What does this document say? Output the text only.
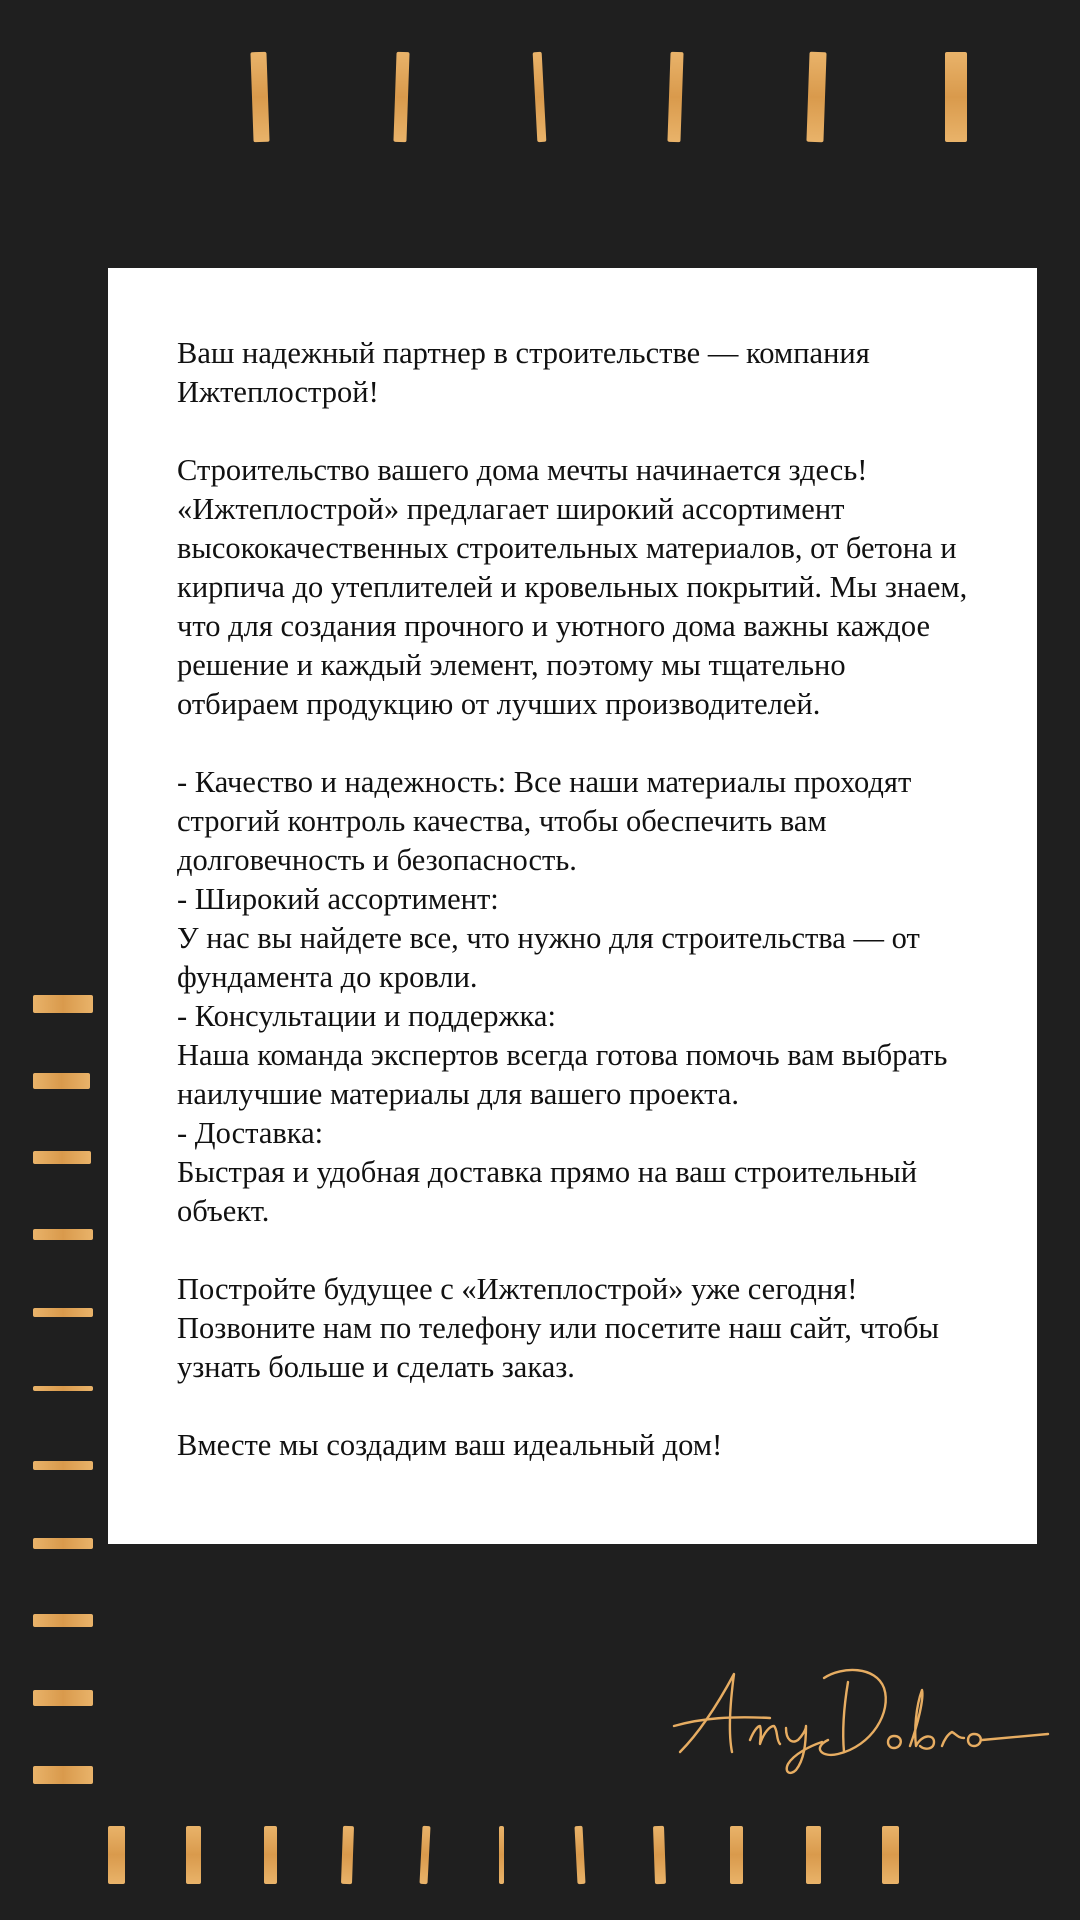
Ваш надежный партнер в строительстве — компания

Ижтеплострой!

Строительство вашего дома мечты начинается здесь!

«Ижтеплострой» предлагает широкий ассортимент

высококачественных строительных материалов, от бетона и

кирпича до утеплителей и кровельных покрытий. Мы знаем,

что для создания прочного и уютного дома важны каждое

решение и каждый элемент, поэтому мы тщательно

отбираем продукцию от лучших производителей.

- Качество и надежность: Все наши материалы проходят

строгий контроль качества, чтобы обеспечить вам

долговечность и безопасность.

- Широкий ассортимент:

У нас вы найдете все, что нужно для строительства — от

фундамента до кровли.

- Консультации и поддержка:

Наша команда экспертов всегда готова помочь вам выбрать

наилучшие материалы для вашего проекта.

- Доставка:

Быстрая и удобная доставка прямо на ваш строительный

объект.

Постройте будущее с «Ижтеплострой» уже сегодня!

Позвоните нам по телефону или посетите наш сайт, чтобы

узнать больше и сделать заказ.

Вместе мы создадим ваш идеальный дом!
